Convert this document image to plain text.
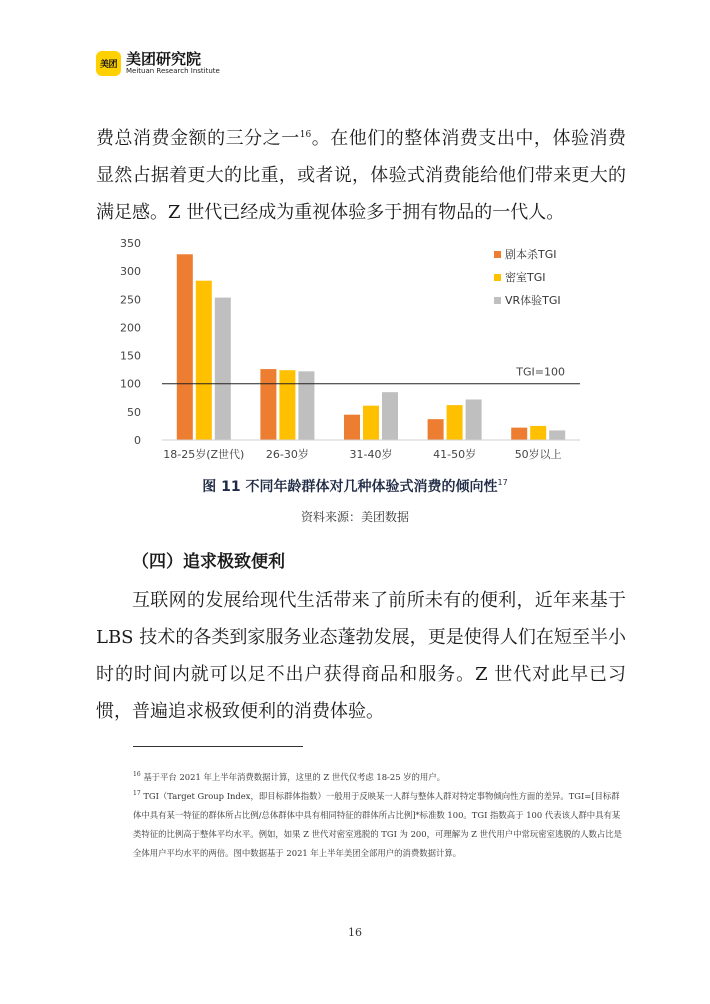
美团 美团研究院
Meituan Research Institute

费总消费金额的三分之一$^{16}$。在他们的整体消费支出中，体验消费显然占据着更大的比重，或者说，体验式消费能给他们带来更大的满足感。Z 世代已经成为重视体验多于拥有物品的一代人。

0
50
100
150
200
250
300
350
18-25岁(Z世代) 26-30岁	31-40岁	41-50岁	50岁以上
TGI=100
剧本杀TGI
密室TGI
VR体验TGI
图 11 不同年龄群体对几种体验式消费的倾向性$^{17}$
资料来源：美团数据
（四）追求极致便利

互联网的发展给现代生活带来了前所未有的便利，近年来基于 LBS 技术的各类到家服务业态蓬勃发展，更是使得人们在短至半小时的时间内就可以足不出户获得商品和服务。Z 世代对此早已习惯，普遍追求极致便利的消费体验。

$^{16}$ 基于平台 2021 年上半年消费数据计算，这里的 Z 世代仅考虑 18-25 岁的用户。

$^{17}$ TGI（Target Group Index，即目标群体指数）一般用于反映某一人群与整体人群对特定事物倾向性方面的差异。TGI=[目标群体中具有某一特征的群体所占比例/总体群体中具有相同特征的群体所占比例]*标准数 100。TGI 指数高于 100 代表该人群中具有某类特征的比例高于整体平均水平。例如，如果 Z 世代对密室逃脱的 TGI 为 200，可理解为 Z 世代用户中常玩密室逃脱的人数占比是全体用户平均水平的两倍。图中数据基于 2021 年上半年美团全部用户的消费数据计算。

16
